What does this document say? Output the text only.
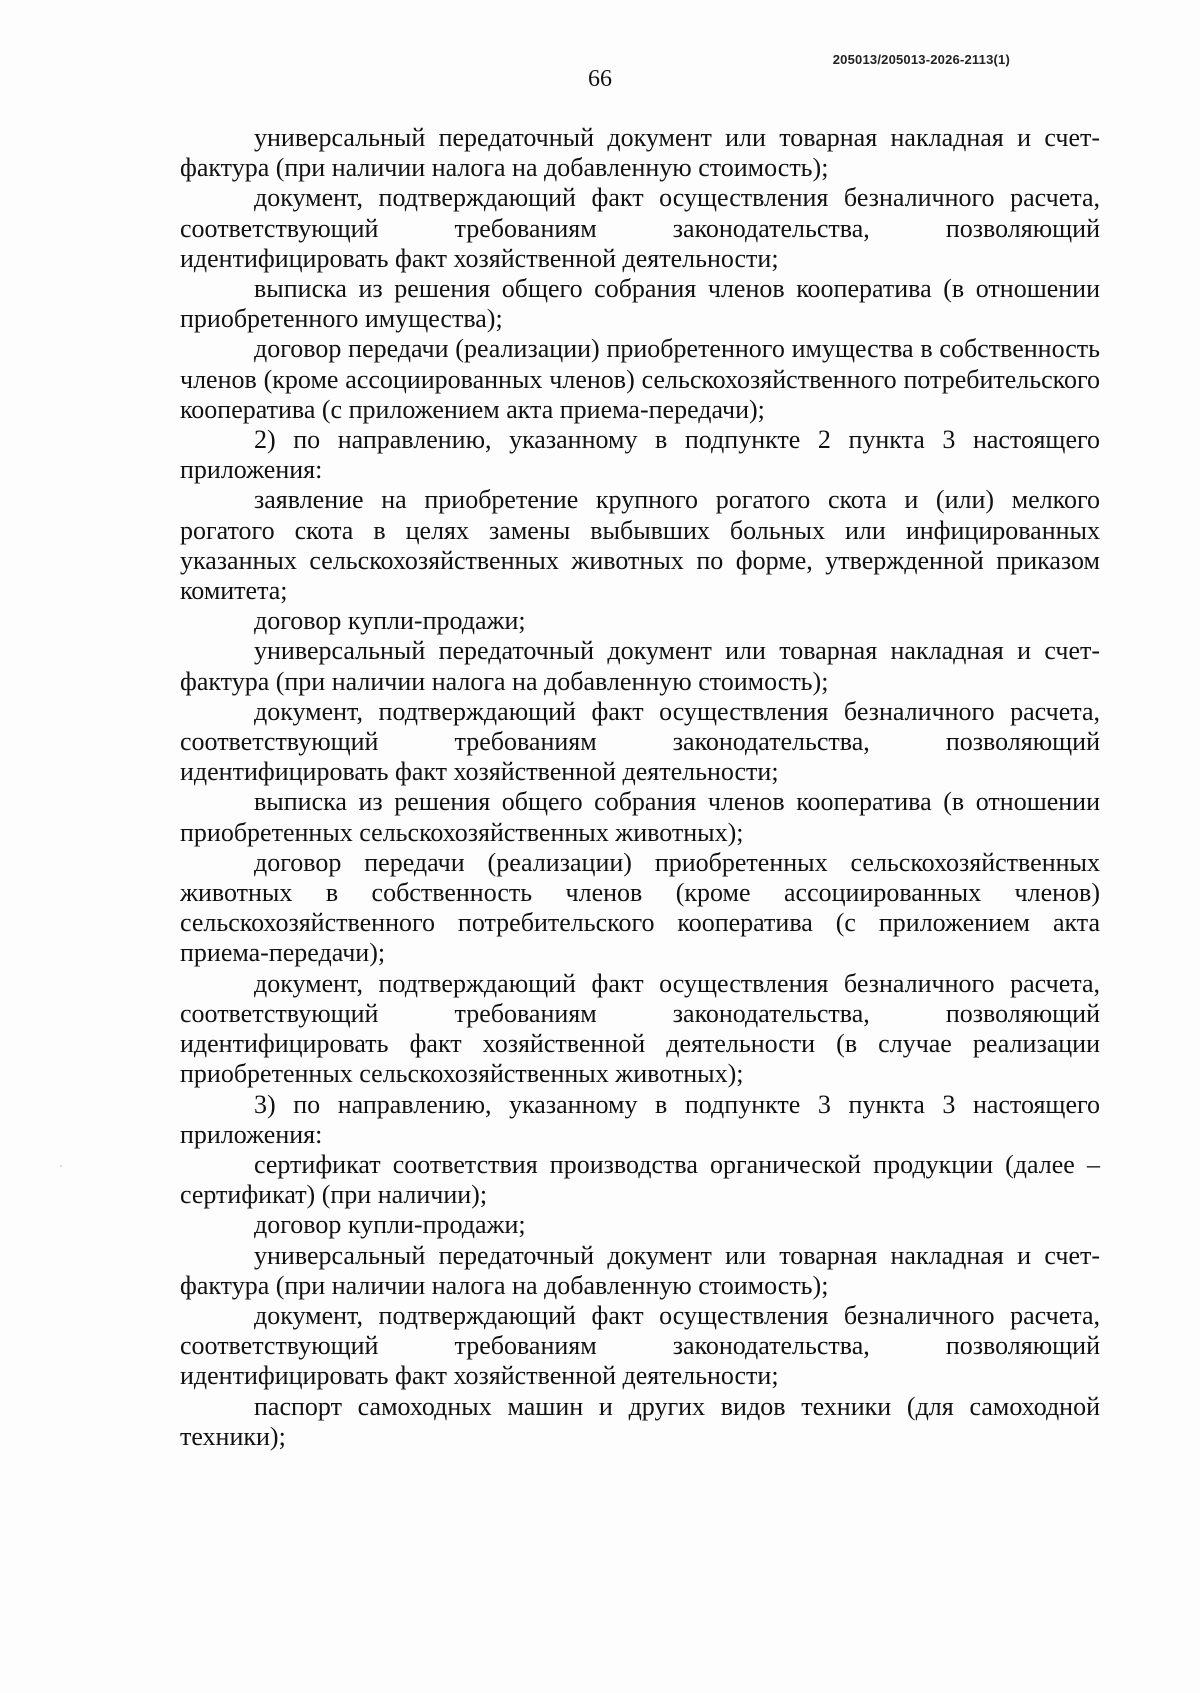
205013/205013-2026-2113(1)
66

универсальный передаточный документ или товарная накладная и счет-фактура (при наличии налога на добавленную стоимость);

документ, подтверждающий факт осуществления безналичного расчета, соответствующий требованиям законодательства, позволяющий идентифицировать факт хозяйственной деятельности;

выписка из решения общего собрания членов кооператива (в отношении приобретенного имущества);

договор передачи (реализации) приобретенного имущества в собственность членов (кроме ассоциированных членов) сельскохозяйственного потребительского кооператива (с приложением акта приема-передачи);

2) по направлению, указанному в подпункте 2 пункта 3 настоящего приложения:

заявление на приобретение крупного рогатого скота и (или) мелкого рогатого скота в целях замены выбывших больных или инфицированных указанных сельскохозяйственных животных по форме, утвержденной приказом комитета;

договор купли-продажи;

универсальный передаточный документ или товарная накладная и счет-фактура (при наличии налога на добавленную стоимость);

документ, подтверждающий факт осуществления безналичного расчета, соответствующий требованиям законодательства, позволяющий идентифицировать факт хозяйственной деятельности;

выписка из решения общего собрания членов кооператива (в отношении приобретенных сельскохозяйственных животных);

договор передачи (реализации) приобретенных сельскохозяйственных животных в собственность членов (кроме ассоциированных членов) сельскохозяйственного потребительского кооператива (с приложением акта приема-передачи);

документ, подтверждающий факт осуществления безналичного расчета, соответствующий требованиям законодательства, позволяющий идентифицировать факт хозяйственной деятельности (в случае реализации приобретенных сельскохозяйственных животных);

3) по направлению, указанному в подпункте 3 пункта 3 настоящего приложения:

сертификат соответствия производства органической продукции (далее – сертификат) (при наличии);

договор купли-продажи;

универсальный передаточный документ или товарная накладная и счет-фактура (при наличии налога на добавленную стоимость);

документ, подтверждающий факт осуществления безналичного расчета, соответствующий требованиям законодательства, позволяющий идентифицировать факт хозяйственной деятельности;

паспорт самоходных машин и других видов техники (для самоходной техники);
